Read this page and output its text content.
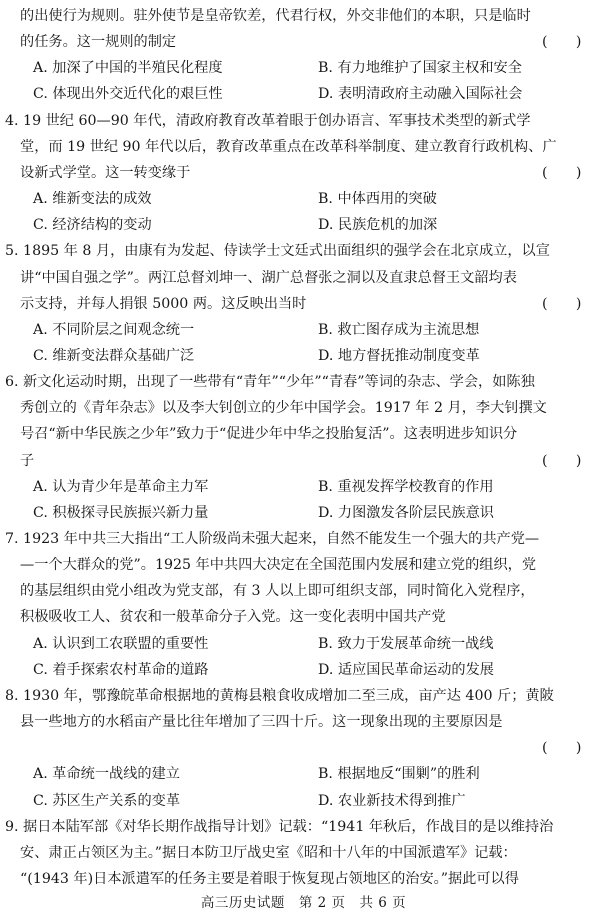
高三历史试题　第 2 页　共 6 页
的出使行为规则。驻外使节是皇帝钦差，代君行权，外交非他们的本职，只是临时
的任务。这一规则的制定	(　　)
A. 加深了中国的半殖民化程度	B. 有力地维护了国家主权和安全
C. 体现出外交近代化的艰巨性	D. 表明清政府主动融入国际社会
4. 19 世纪 60—90 年代，清政府教育改革着眼于创办语言、军事技术类型的新式学
堂，而 19 世纪 90 年代以后，教育改革重点在改革科举制度、建立教育行政机构、广
设新式学堂。这一转变缘于	(　　)
A. 维新变法的成效	B. 中体西用的突破
C. 经济结构的变动	D. 民族危机的加深
5. 1895 年 8 月，由康有为发起、侍读学士文廷式出面组织的强学会在北京成立，以宣
讲“中国自强之学”。两江总督刘坤一、湖广总督张之洞以及直隶总督王文韶均表
示支持，并每人捐银 5000 两。这反映出当时	(　　)
A. 不同阶层之间观念统一	B. 救亡图存成为主流思想
C. 维新变法群众基础广泛	D. 地方督抚推动制度变革
6. 新文化运动时期，出现了一些带有“青年”“少年”“青春”等词的杂志、学会，如陈独
秀创立的《青年杂志》以及李大钊创立的少年中国学会。1917 年 2 月，李大钊撰文
号召“新中华民族之少年”致力于“促进少年中华之投胎复活”。这表明进步知识分
子	(　　)
A. 认为青少年是革命主力军	B. 重视发挥学校教育的作用
C. 积极探寻民族振兴新力量	D. 力图激发各阶层民族意识
7. 1923 年中共三大指出“工人阶级尚未强大起来，自然不能发生一个强大的共产党—
—一个大群众的党”。1925 年中共四大决定在全国范围内发展和建立党的组织，党
的基层组织由党小组改为党支部，有 3 人以上即可组织支部，同时简化入党程序，
积极吸收工人、贫农和一般革命分子入党。这一变化表明中国共产党
A. 认识到工农联盟的重要性	B. 致力于发展革命统一战线
C. 着手探索农村革命的道路	D. 适应国民革命运动的发展
8. 1930 年，鄂豫皖革命根据地的黄梅县粮食收成增加二至三成，亩产达 400 斤；黄陂
县一些地方的水稻亩产量比往年增加了三四十斤。这一现象出现的主要原因是
(　　)
A. 革命统一战线的建立	B. 根据地反“围剿”的胜利
C. 苏区生产关系的变革	D. 农业新技术得到推广
9. 据日本陆军部《对华长期作战指导计划》记载：“1941 年秋后，作战目的是以维持治
安、肃正占领区为主。”据日本防卫厅战史室《昭和十八年的中国派遣军》记载：
“(1943 年)日本派遣军的任务主要是着眼于恢复现占领地区的治安。”据此可以得
